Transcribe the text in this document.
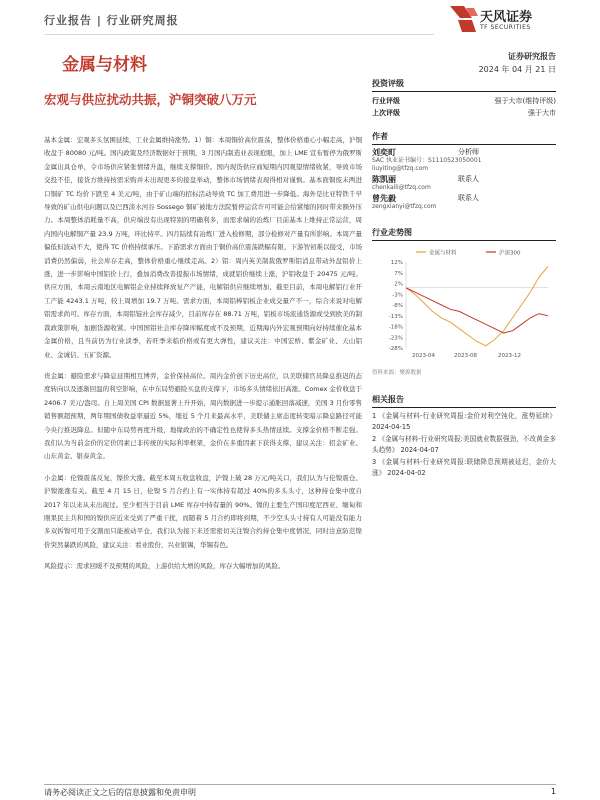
行业报告 | 行业研究周报	天风证券
TF SECURITIES
金属与材料	证券研究报告
2024 年 04 月 21 日
宏观与供应扰动共振，沪铜突破八万元

基本金属：宏观多头氛围延续，工业金属维持涨势。1）铜：本周铜价高位震荡，整体价格重心小幅走高，沪铜收盘于 80080 元/吨。国内政策及经济数据好于预期，3 月国内制造业表现抢眼，加上 LME 宣布暂停为俄罗斯金属出具仓单，令市场供应紧张情绪升温，继续支撑铜价。国内现货供应商短期内因观望情绪收紧，导致市场交投不佳，接货方维持按需采购并未出现更多的接盘举动，整体市场情绪表现得相对谨慎。基本面铜废未两进口铜矿 TC 均价下跌至 4 美元/吨，由于矿山端的招标活动导致 TC 加工费用进一步降低。海外是比亚特铁千早导致的矿山供电问题以及巴西淡水河谷 Sossego 铜矿被地方法院暂停运营许可可能会给紧缩的同时带来额外压力。本周整体消耗量不高，供应端没有出现特别的明确利多，而需求端的治炼厂目前基本上维持正常运营，周内国内电解铜产量 23.9 万吨，环比持平。四月陆续有冶炼厂进入检修期，部分检修对产量有所影响。本周产量偏低但波动不大，使得 TC 价格持续承压。下游需求方面由于铜价高位震荡跌幅有限，下游智初难以接受，市场消费仍然偏弱，社会库存走高，整体价格重心继续走高。2）铝：周内英美制裁俄罗斯铝消息带动外盘铝价上涨，进一步影响中国铝价上行，叠加消费改善提振市场情绪，成就铝价继续上涨，沪铝收盘于 20475 元/吨。供应方面，本周云南地区电解铝企业持续释放复产产能，电解铝供应继续增加，截至目前，本周电解铝行业开工产能 4243.1 万吨，较上周增加 19.7 万吨。需求方面，本周铝棒铝板企业成交量产不一，综合来说对电解铝需求尚可。库存方面，本周铝锭社会库存减少，目前库存在 88.71 万吨，铝板市场流通货源或受到欧美的制裁政策影响，加剧货源收紧。中国国铝社会库存降库幅度或不及预期，近期海内外宏观预期向好持续催化基本金属价格，且当前仍为行业淡季，若旺季来临价格或有更大弹性，建议关注：中国宏桥、紫金矿业、天山铝业、金诚信、五矿资源。

贵金属：避险需求与降息延期相互博弈，金价保持高位。周内金价创下历史高位，以美联储官员降息推迟的态度转向以及逐渐回温的利空影响，在中东局势避险买盘的支撑下，市场多头情绪依旧高涨。Comex 金价收盘于 2406.7 美元/盎司。自上周美国 CPI 数据显著上升开始，周内数据进一步提示通胀回落减速，美国 3 月份零售销售额超预期，两年期国债收益率逼近 5%，缩近 5 个月来最高水平，美联储主席态度转变暗示降息路径可能今央行推迟降息。但随中东局势再度升级，地缘政治的不确定性也使得多头热情延续。支撑金价格不断走强。我们认为当前金价的定价因素已非传统的实际利率框架，金价在多重因素下获得支撑，建议关注：招金矿业、山东黄金、银泰黄金。

小金属：伦镍震荡反复，镍价大涨。截至本周五收盘收盘，沪镍上破 28 万元/吨关口，我们认为与伦镍震仓、沪镍涨涨有关。截至 4 月 15 日，伦镍 5 月合约上有一实体持有超过 40%的多头头寸，这种持仓集中度自 2017 年以来从未出现过。至少相当于目前 LME 库存中持有量的 90%。镍的主要生产国印度尼西亚、缅甸和刚果民主共和国的镍供应近来受到了严重干扰，而随着 5 月合约即将到期，不少空头头寸持有人可能没有能力多双拆镍可用于交割而只能被动平仓，我们认为接下来还需密切关注镍合约持仓集中度情况，同时注意防范镍价突然暴跌的风险，建议关注：看业股份，兴业银锡，华锡有色。

风险提示：需求回暖不及预期的风险，上游供给大增的风险，库存大幅增加的风险。

投资评级
行业评级	强于大市(维持评级)
上次评级	强于大市
作者
刘奕町	分析师
SAC 执业证书编号：S1110523050001
liuyiting@tfzq.com
陈凯丽	联系人
chenkaili@tfzq.com
曾先毅	联系人
zengxianyi@tfzq.com
行业走势图
金属与材料	沪深300
12%
7%
2%
-3%
-8%
-13%
-18%
-23%
-28%
2023-04	2023-08	2023-12
资料来源：聚源数据
相关报告
1 《金属与材料-行业研究周报:金价对利空钝化，涨势延续》 2024-04-15
2 《金属与材料-行业研究周报:美国就业数据强劲，不改黄金多头趋势》 2024-04-07
3 《金属与材料-行业研究周报:联储降息预期被延迟，金价大涨》 2024-04-02
请务必阅读正文之后的信息披露和免责申明	1
